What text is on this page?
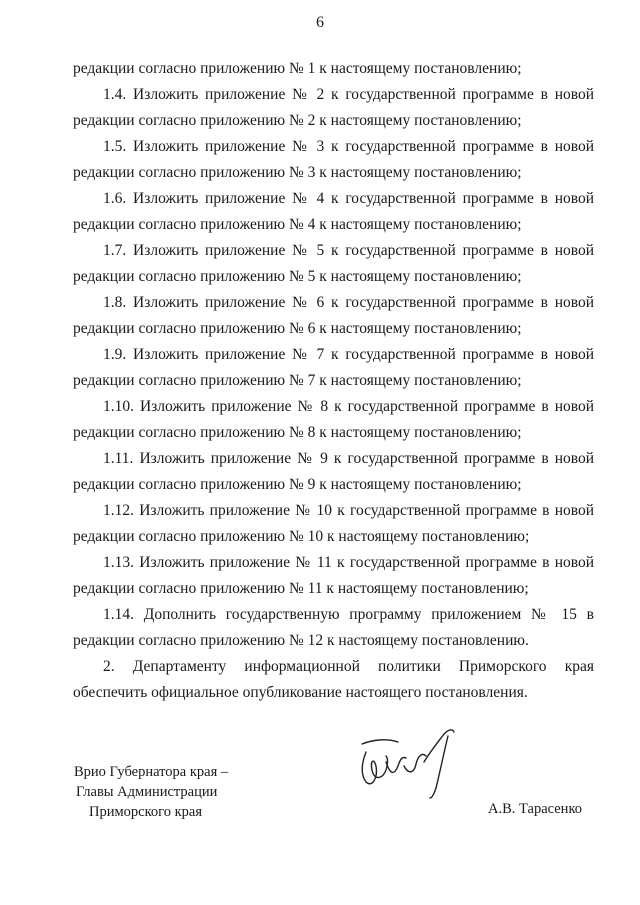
6

редакции согласно приложению № 1 к настоящему постановлению;

1.4. Изложить приложение № 2 к государственной программе в новой редакции согласно приложению № 2 к настоящему постановлению;

1.5. Изложить приложение № 3 к государственной программе в новой редакции согласно приложению № 3 к настоящему постановлению;

1.6. Изложить приложение № 4 к государственной программе в новой редакции согласно приложению № 4 к настоящему постановлению;

1.7. Изложить приложение № 5 к государственной программе в новой редакции согласно приложению № 5 к настоящему постановлению;

1.8. Изложить приложение № 6 к государственной программе в новой редакции согласно приложению № 6 к настоящему постановлению;

1.9. Изложить приложение № 7 к государственной программе в новой редакции согласно приложению № 7 к настоящему постановлению;

1.10. Изложить приложение № 8 к государственной программе в новой редакции согласно приложению № 8 к настоящему постановлению;

1.11. Изложить приложение № 9 к государственной программе в новой редакции согласно приложению № 9 к настоящему постановлению;

1.12. Изложить приложение № 10 к государственной программе в новой редакции согласно приложению № 10 к настоящему постановлению;

1.13. Изложить приложение № 11 к государственной программе в новой редакции согласно приложению № 11 к настоящему постановлению;

1.14. Дополнить государственную программу приложением № 15 в редакции согласно приложению № 12 к настоящему постановлению.

2. Департаменту информационной политики Приморского края обеспечить официальное опубликование настоящего постановления.

Врио Губернатора края –
Главы Администрации
Приморского края	А.В. Тарасенко
